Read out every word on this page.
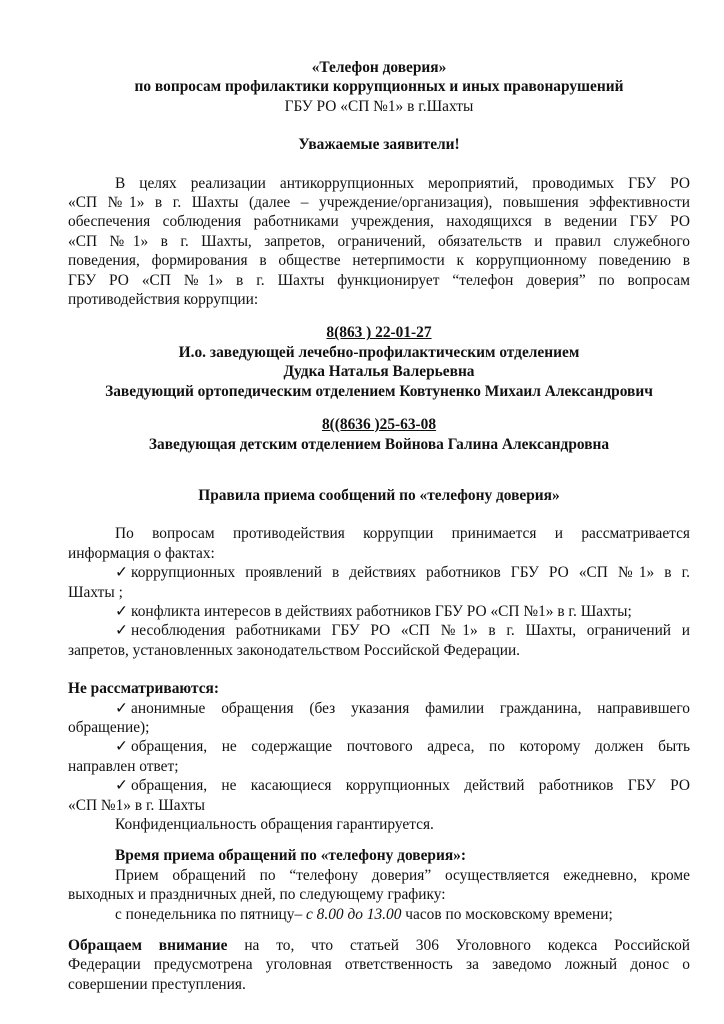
«Телефон доверия»

по вопросам профилактики коррупционных и иных правонарушений

ГБУ РО «СП №1» в г.Шахты

Уважаемые заявители!

В целях реализации антикоррупционных мероприятий, проводимых ГБУ РО

«СП №1» в г. Шахты (далее – учреждение/организация), повышения эффективности

обеспечения соблюдения работниками учреждения, находящихся в ведении ГБУ РО

«СП №1» в г. Шахты, запретов, ограничений, обязательств и правил служебного

поведения, формирования в обществе нетерпимости к коррупционному поведению в

ГБУ РО «СП №1» в г. Шахты функционирует “телефон доверия” по вопросам

противодействия коррупции:

8(863 ) 22-01-27

И.о. заведующей лечебно-профилактическим отделением

Дудка Наталья Валерьевна

Заведующий ортопедическим отделением Ковтуненко Михаил Александрович

8((8636 )25-63-08

Заведующая детским отделением Войнова Галина Александровна

Правила приема сообщений по «телефону доверия»

По вопросам противодействия коррупции принимается и рассматривается

информация о фактах:

✓ коррупционных проявлений в действиях работников ГБУ РО «СП №1» в г.

Шахты ;

✓ конфликта интересов в действиях работников ГБУ РО «СП №1» в г. Шахты;

✓ несоблюдения работниками ГБУ РО «СП №1» в г. Шахты, ограничений и

запретов, установленных законодательством Российской Федерации.

Не рассматриваются:

✓ анонимные обращения (без указания фамилии гражданина, направившего

обращение);

✓ обращения, не содержащие почтового адреса, по которому должен быть

направлен ответ;

✓ обращения, не касающиеся коррупционных действий работников ГБУ РО

«СП №1» в г. Шахты

Конфиденциальность обращения гарантируется.

Время приема обращений по «телефону доверия»:

Прием обращений по “телефону доверия” осуществляется ежедневно, кроме

выходных и праздничных дней, по следующему графику:

с понедельника по пятницу– с 8.00 до 13.00 часов по московскому времени;

Обращаем внимание на то, что статьей 306 Уголовного кодекса Российской

Федерации предусмотрена уголовная ответственность за заведомо ложный донос о

совершении преступления.
